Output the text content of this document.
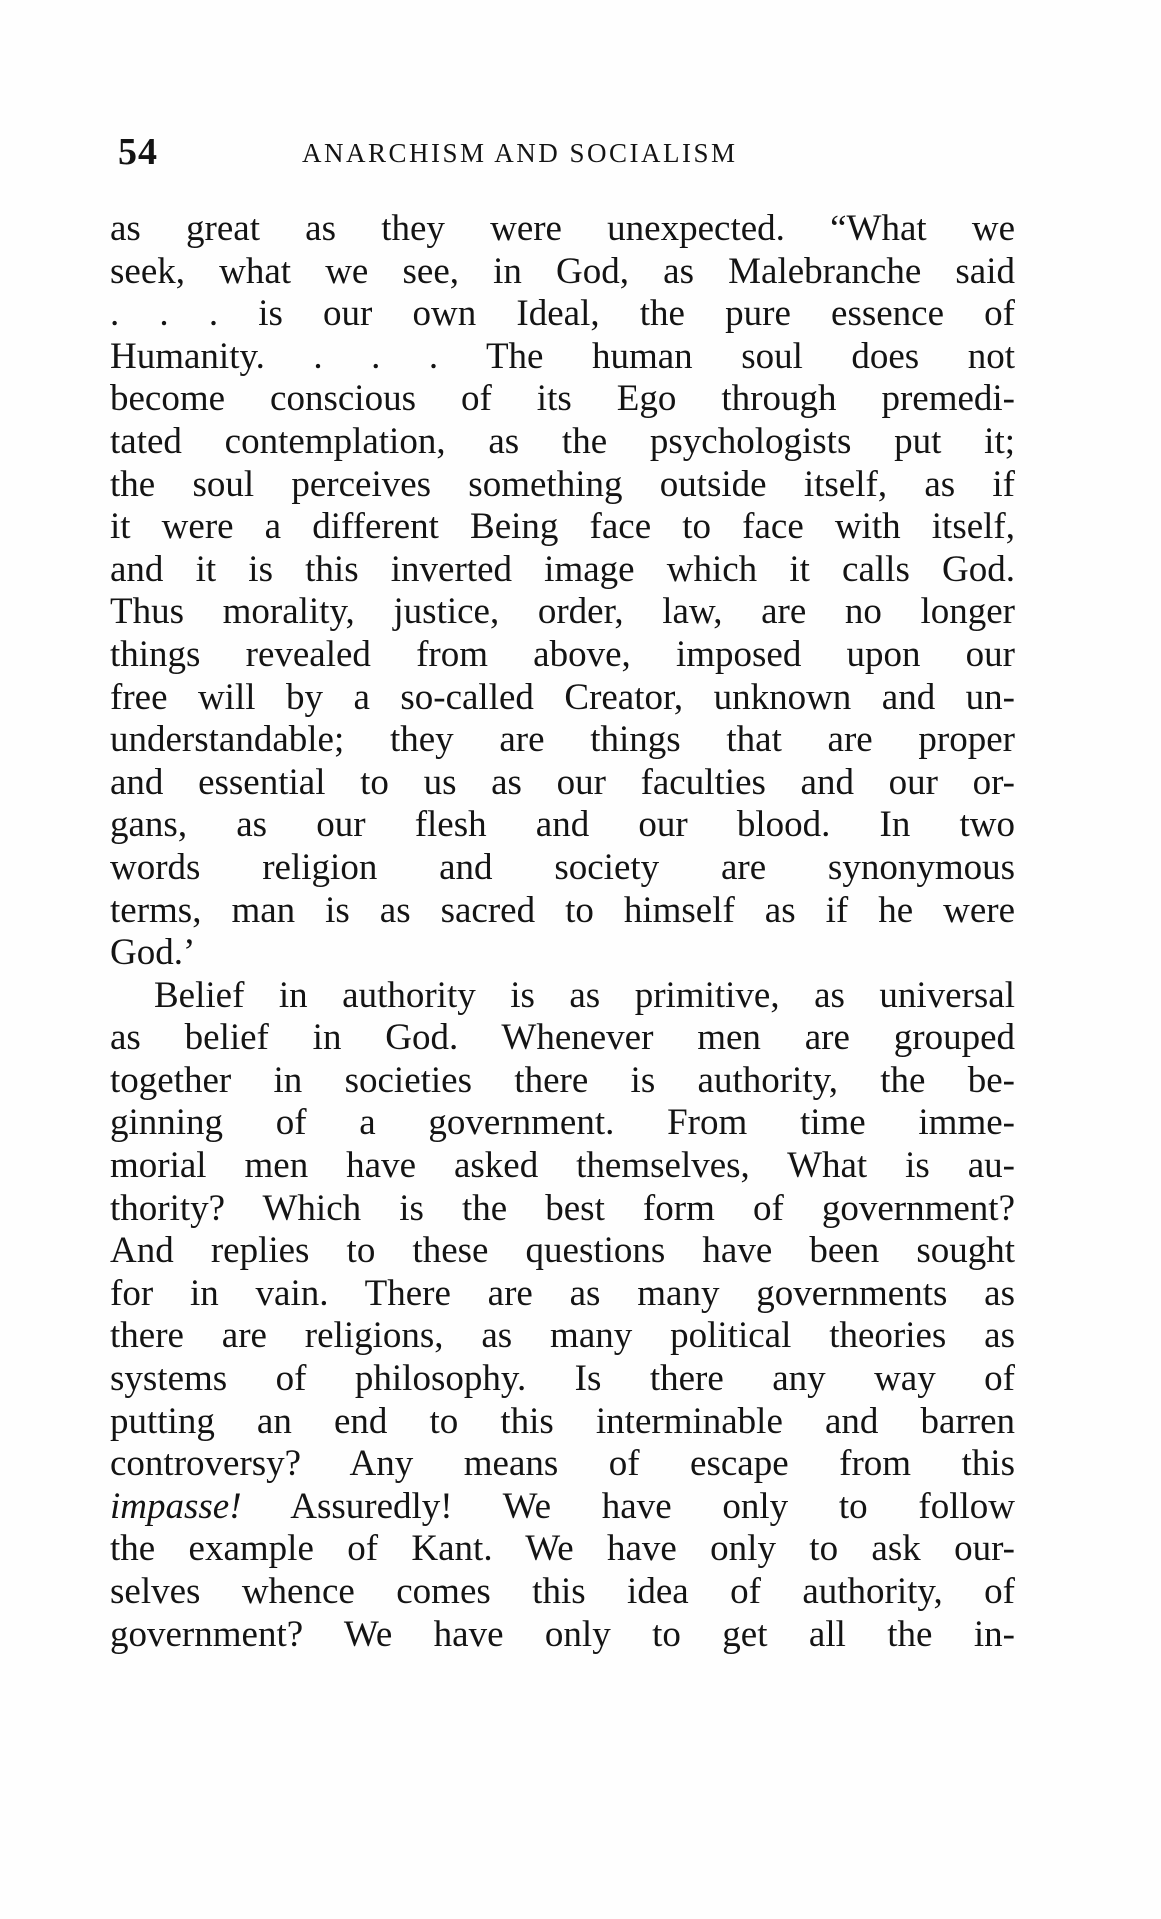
54	ANARCHISM AND SOCIALISM
as great as they were unexpected. “What we
seek, what we see, in God, as Malebranche said
. . . is our own Ideal, the pure essence of
Humanity. . . . The human soul does not
become conscious of its Ego through premedi-
tated contemplation, as the psychologists put it;
the soul perceives something outside itself, as if
it were a different Being face to face with itself,
and it is this inverted image which it calls God.
Thus morality, justice, order, law, are no longer
things revealed from above, imposed upon our
free will by a so-called Creator, unknown and un-
understandable; they are things that are proper
and essential to us as our faculties and our or-
gans, as our flesh and our blood. In two
words religion and society are synonymous
terms, man is as sacred to himself as if he were
God.’
Belief in authority is as primitive, as universal
as belief in God. Whenever men are grouped
together in societies there is authority, the be-
ginning of a government. From time imme-
morial men have asked themselves, What is au-
thority? Which is the best form of government?
And replies to these questions have been sought
for in vain. There are as many governments as
there are religions, as many political theories as
systems of philosophy. Is there any way of
putting an end to this interminable and barren
controversy? Any means of escape from this
impasse! Assuredly! We have only to follow
the example of Kant. We have only to ask our-
selves whence comes this idea of authority, of
government? We have only to get all the in-
